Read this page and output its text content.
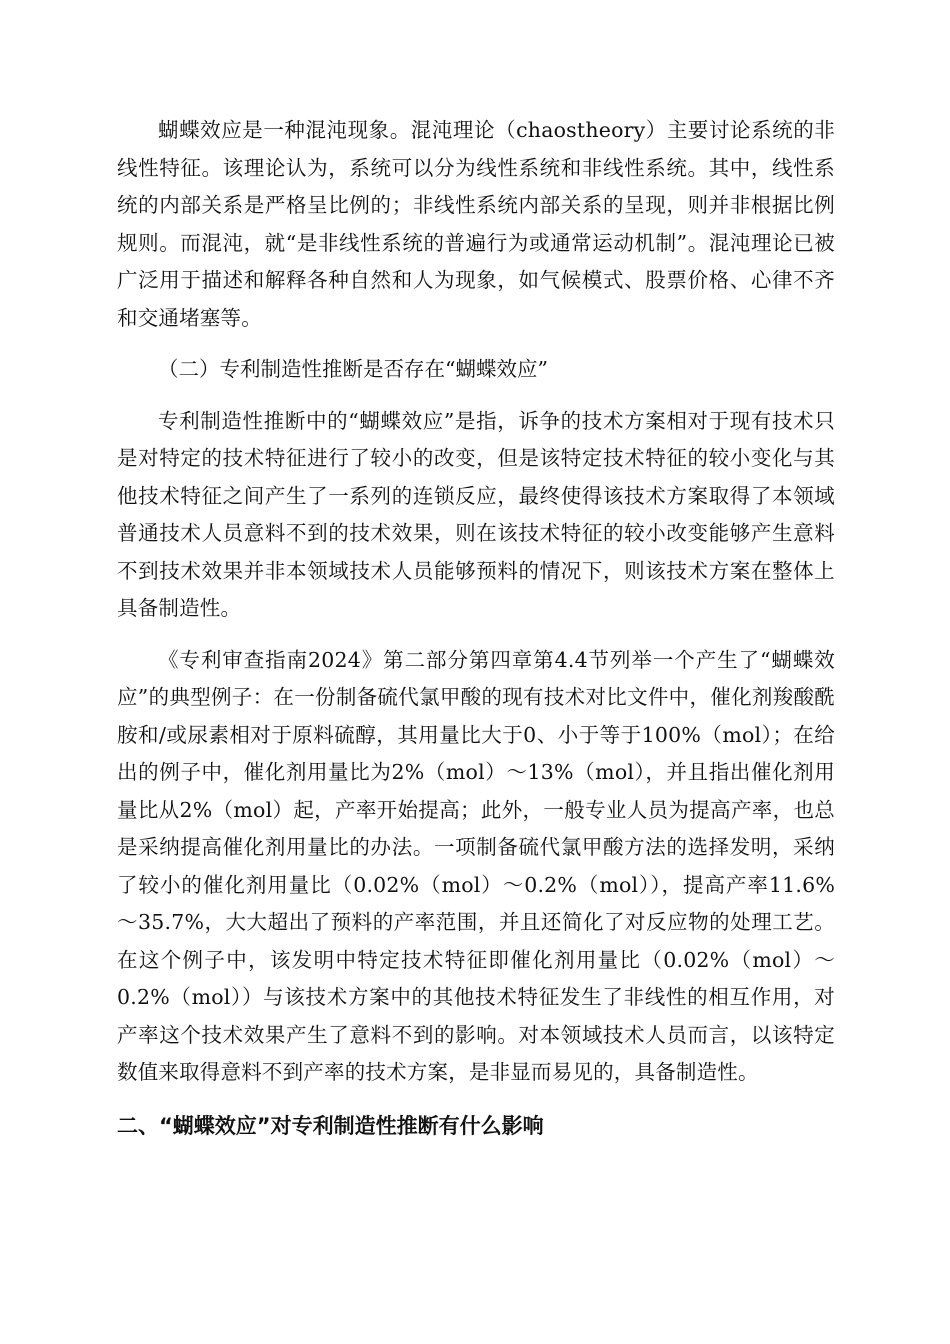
蝴蝶效应是一种混沌现象。混沌理论（chaostheory）主要讨论系统的非线性特征。该理论认为，系统可以分为线性系统和非线性系统。其中，线性系统的内部关系是严格呈比例的；非线性系统内部关系的呈现，则并非根据比例规则。而混沌，就“是非线性系统的普遍行为或通常运动机制”。混沌理论已被广泛用于描述和解释各种自然和人为现象，如气候模式、股票价格、心律不齐和交通堵塞等。

（二）专利制造性推断是否存在“蝴蝶效应”

专利制造性推断中的“蝴蝶效应”是指，诉争的技术方案相对于现有技术只是对特定的技术特征进行了较小的改变，但是该特定技术特征的较小变化与其他技术特征之间产生了一系列的连锁反应，最终使得该技术方案取得了本领域普通技术人员意料不到的技术效果，则在该技术特征的较小改变能够产生意料不到技术效果并非本领域技术人员能够预料的情况下，则该技术方案在整体上具备制造性。

《专利审查指南2024》第二部分第四章第4.4节列举一个产生了“蝴蝶效应”的典型例子：在一份制备硫代氯甲酸的现有技术对比文件中，催化剂羧酸酰胺和/或尿素相对于原料硫醇，其用量比大于0、小于等于100%（mol）；在给出的例子中，催化剂用量比为2%（mol）～13%（mol），并且指出催化剂用量比从2%（mol）起，产率开始提高；此外，一般专业人员为提高产率，也总是采纳提高催化剂用量比的办法。一项制备硫代氯甲酸方法的选择发明，采纳了较小的催化剂用量比（0.02%（mol）～0.2%（mol）），提高产率11.6%～35.7%，大大超出了预料的产率范围，并且还简化了对反应物的处理工艺。在这个例子中，该发明中特定技术特征即催化剂用量比（0.02%（mol）～0.2%（mol））与该技术方案中的其他技术特征发生了非线性的相互作用，对产率这个技术效果产生了意料不到的影响。对本领域技术人员而言，以该特定数值来取得意料不到产率的技术方案，是非显而易见的，具备制造性。

二、“蝴蝶效应”对专利制造性推断有什么影响
